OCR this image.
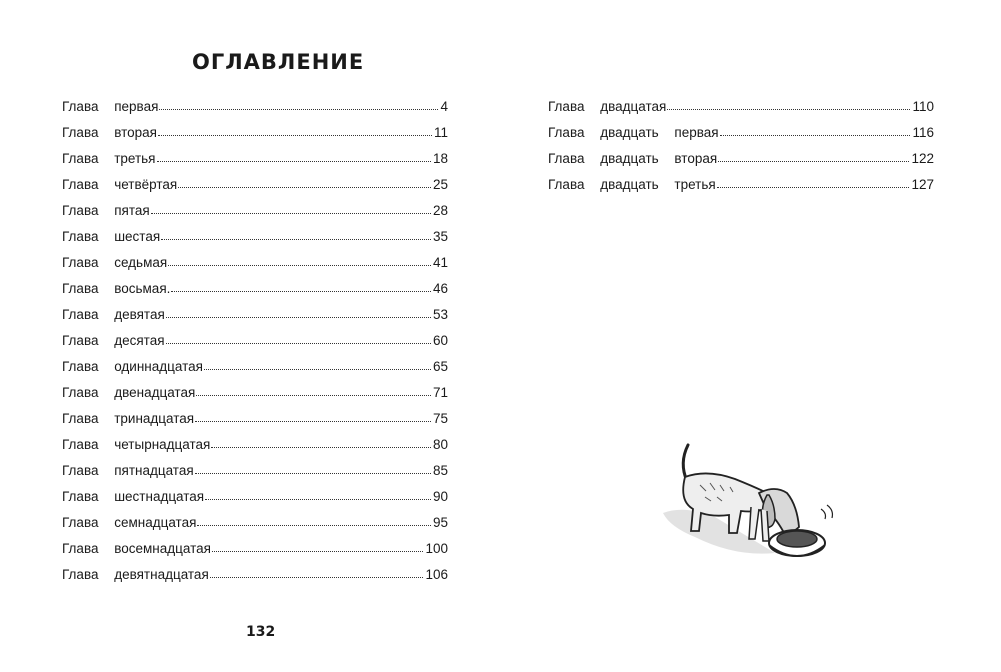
ОГЛАВЛЕНИЕ
Глава первая	4
Глава вторая	11
Глава третья	18
Глава четвёртая	25
Глава пятая	28
Глава шестая	35
Глава седьмая	41
Глава восьмая.	46
Глава девятая	53
Глава десятая	60
Глава одиннадцатая	65
Глава двенадцатая	71
Глава тринадцатая	75
Глава четырнадцатая	80
Глава пятнадцатая	85
Глава шестнадцатая	90
Глава семнадцатая	95
Глава восемнадцатая	100
Глава девятнадцатая	106
Глава двадцатая	110
Глава двадцать первая	116
Глава двадцать вторая	122
Глава двадцать третья	127
132
